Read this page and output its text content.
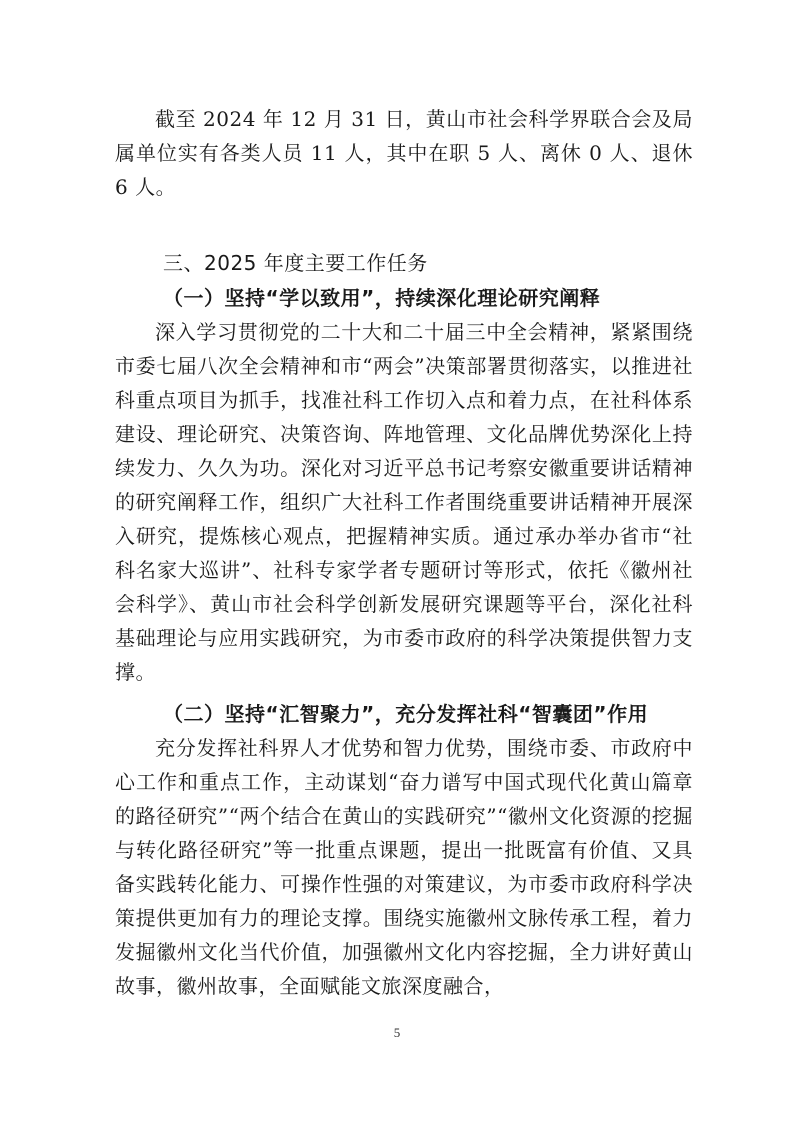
截至 2024 年 12 月 31 日，黄山市社会科学界联合会及局属单位实有各类人员 11 人，其中在职 5 人、离休 0 人、退休 6 人。

三、2025 年度主要工作任务
（一）坚持“学以致用”，持续深化理论研究阐释

深入学习贯彻党的二十大和二十届三中全会精神，紧紧围绕市委七届八次全会精神和市“两会”决策部署贯彻落实，以推进社科重点项目为抓手，找准社科工作切入点和着力点，在社科体系建设、理论研究、决策咨询、阵地管理、文化品牌优势深化上持续发力、久久为功。深化对习近平总书记考察安徽重要讲话精神的研究阐释工作，组织广大社科工作者围绕重要讲话精神开展深入研究，提炼核心观点，把握精神实质。通过承办举办省市“社科名家大巡讲”、社科专家学者专题研讨等形式，依托《徽州社会科学》、黄山市社会科学创新发展研究课题等平台，深化社科基础理论与应用实践研究，为市委市政府的科学决策提供智力支撑。

（二）坚持“汇智聚力”，充分发挥社科“智囊团”作用

充分发挥社科界人才优势和智力优势，围绕市委、市政府中心工作和重点工作，主动谋划“奋力谱写中国式现代化黄山篇章的路径研究”“两个结合在黄山的实践研究”“徽州文化资源的挖掘与转化路径研究”等一批重点课题，提出一批既富有价值、又具备实践转化能力、可操作性强的对策建议，为市委市政府科学决策提供更加有力的理论支撑。围绕实施徽州文脉传承工程，着力发掘徽州文化当代价值，加强徽州文化内容挖掘，全力讲好黄山故事，徽州故事，全面赋能文旅深度融合，

5
